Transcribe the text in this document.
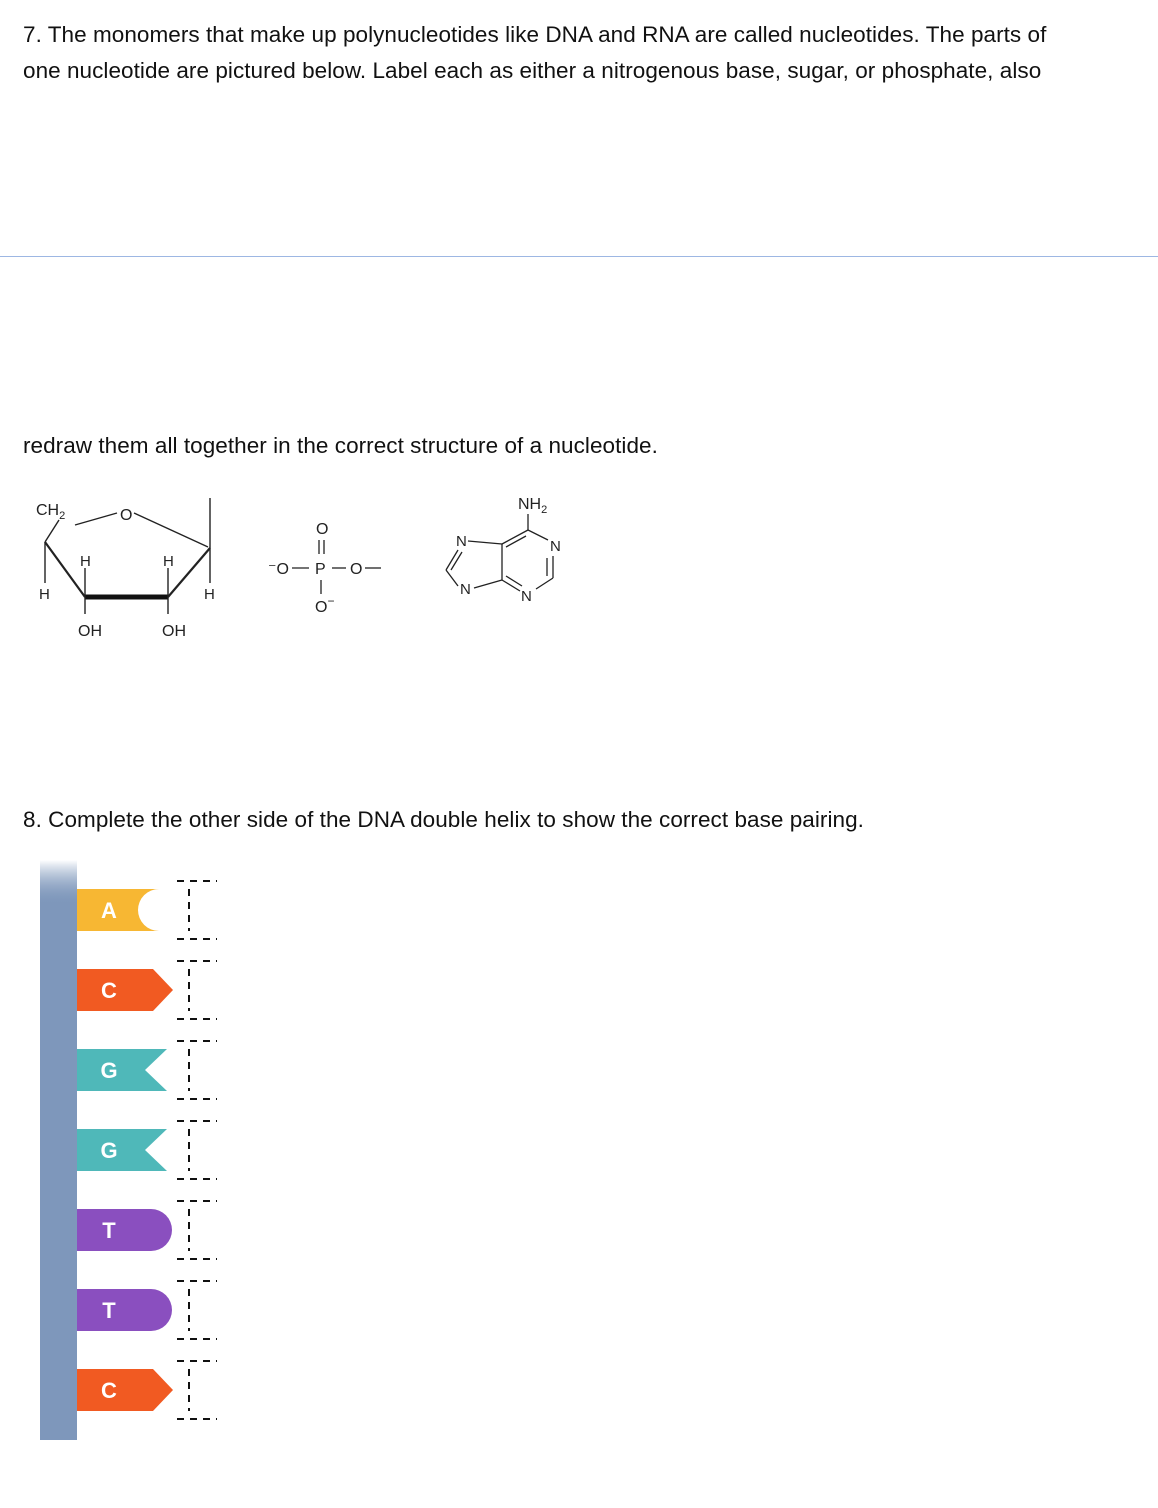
7. The monomers that make up polynucleotides like DNA and RNA are called nucleotides. The parts of

one nucleotide are pictured below. Label each as either a nitrogenous base, sugar, or phosphate, also

redraw them all together in the correct structure of a nucleotide.

$CH_2$	O
H
H	H
H
OH	OH
O
⁻O P O
O−
$NH_2$
N
N
N
N

8. Complete the other side of the DNA double helix to show the correct base pairing.

A
C
G
G
T
T
C
